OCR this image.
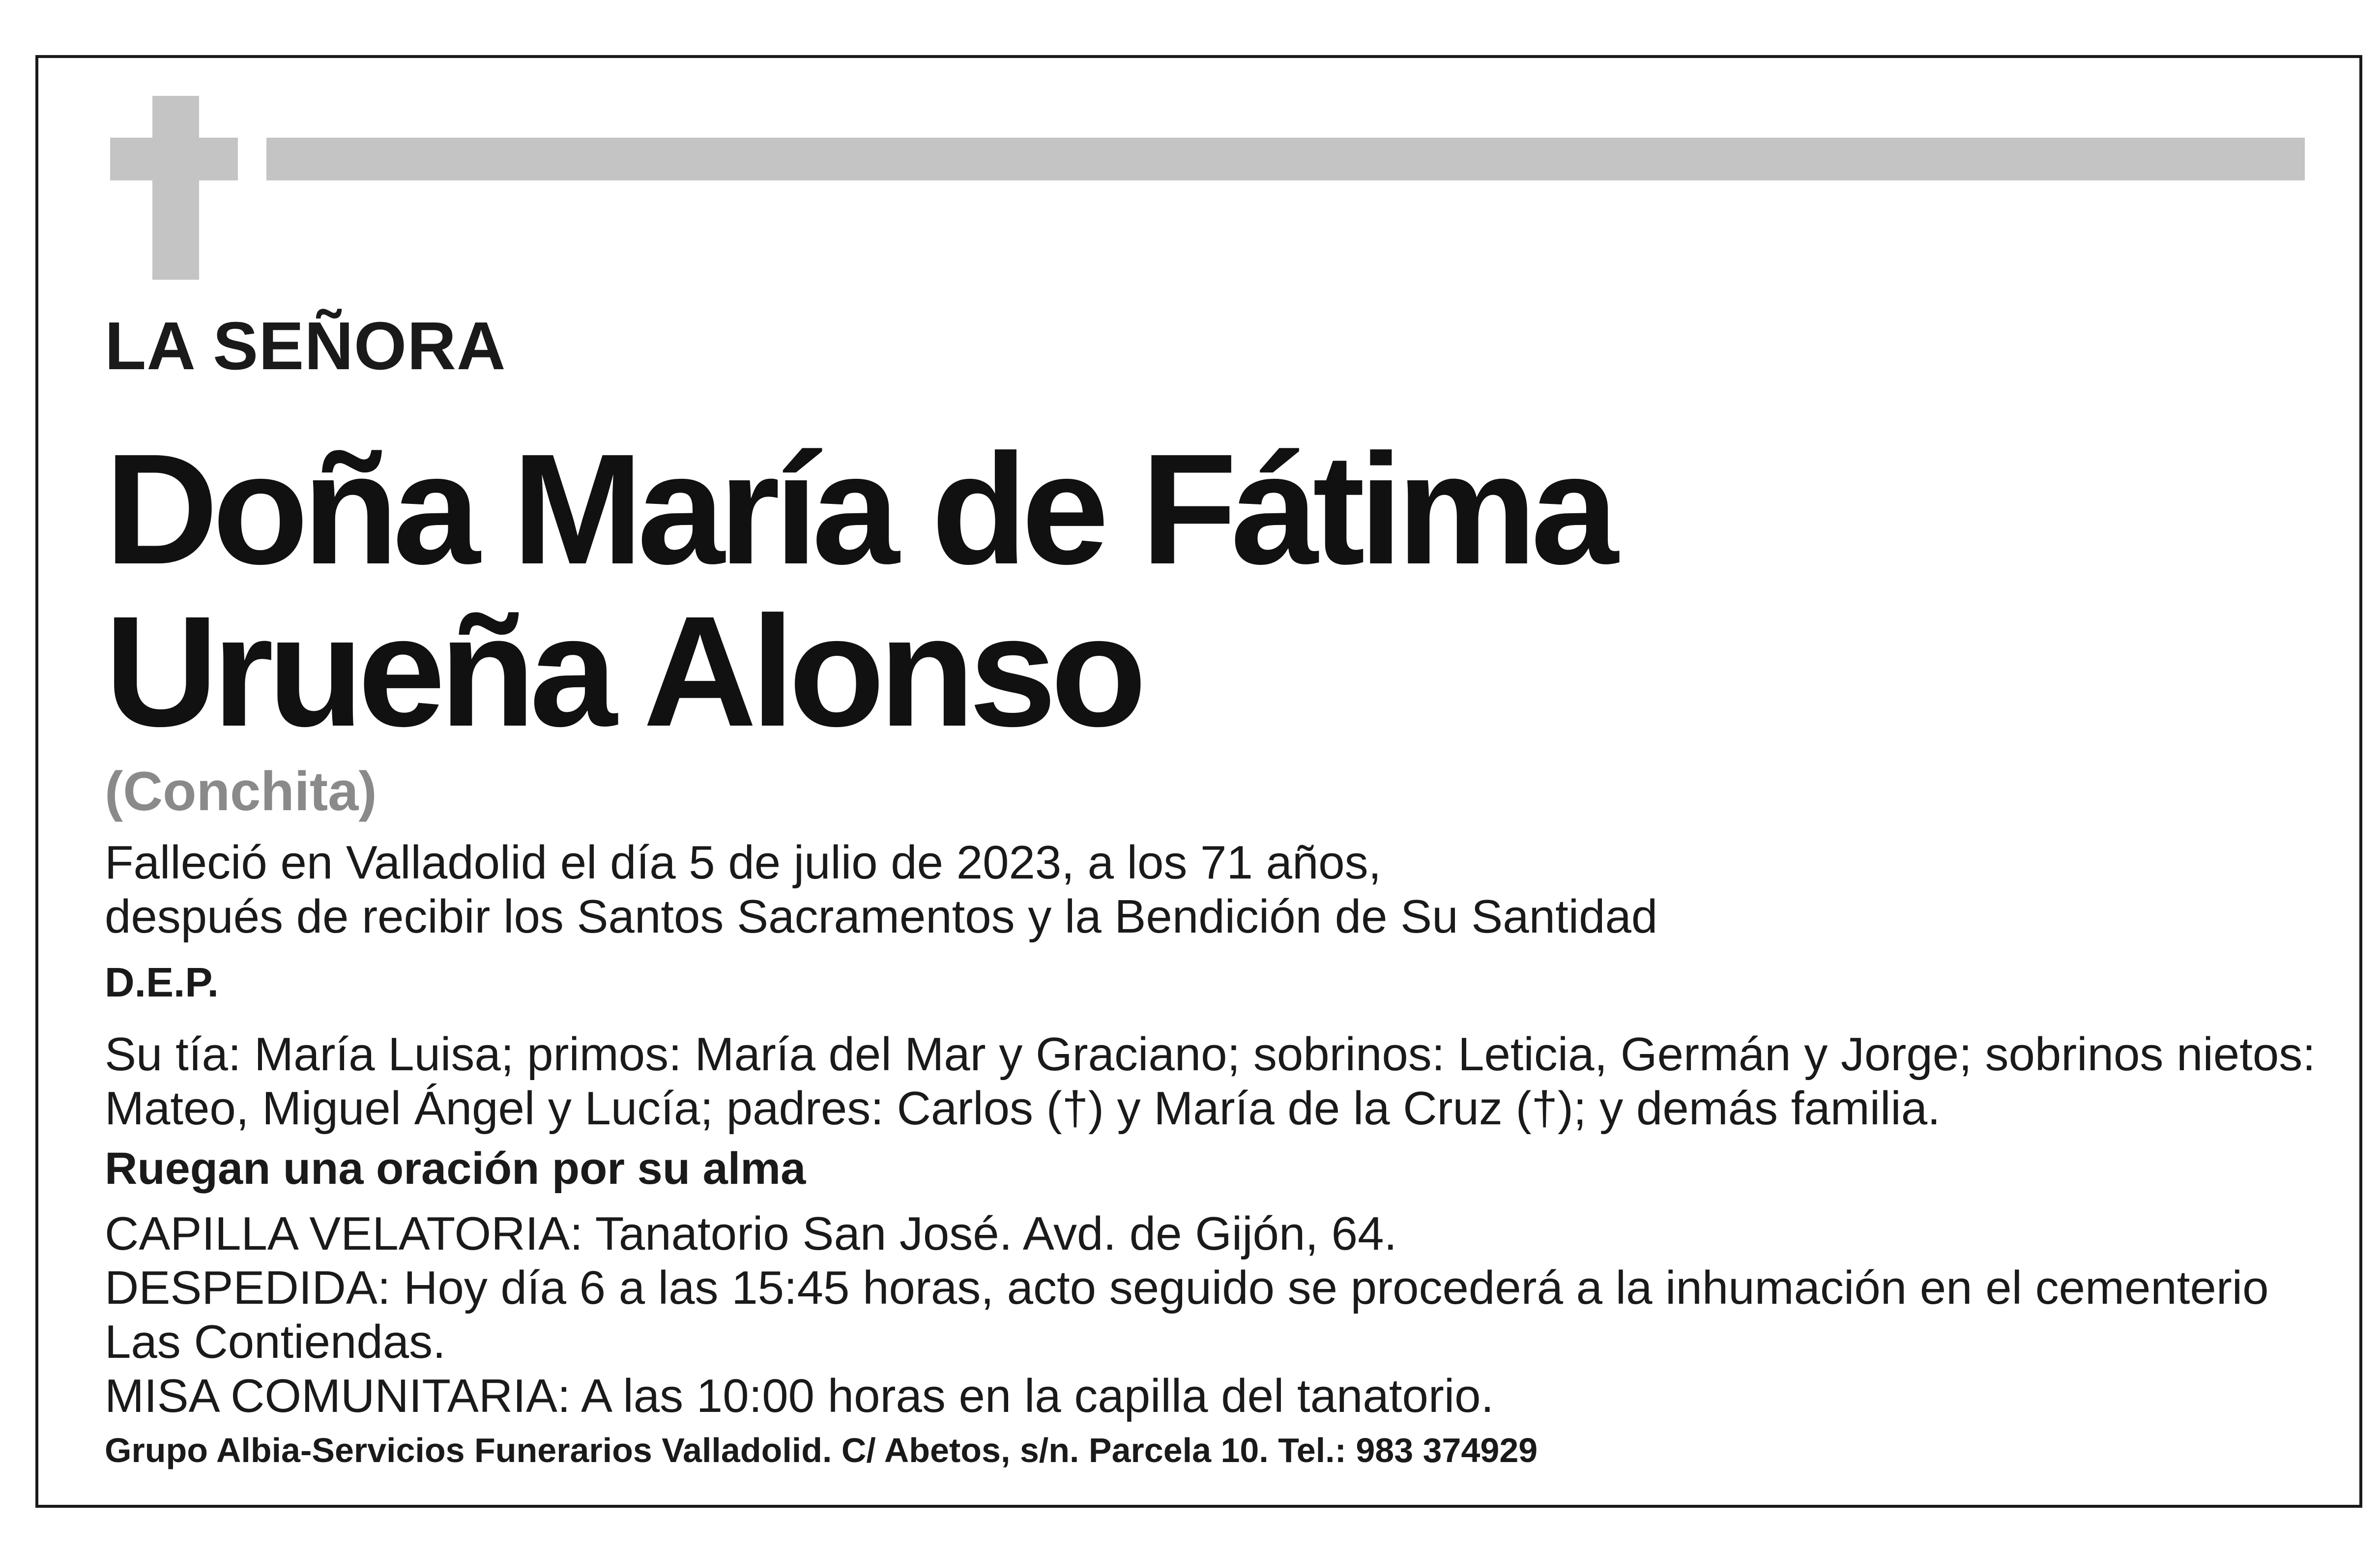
LA SEÑORA
Doña María de Fátima
Urueña Alonso
(Conchita)
Falleció en Valladolid el día 5 de julio de 2023, a los 71 años,
después de recibir los Santos Sacramentos y la Bendición de Su Santidad
D.E.P.
Su tía: María Luisa; primos: María del Mar y Graciano; sobrinos: Leticia, Germán y Jorge; sobrinos nietos:
Mateo, Miguel Ángel y Lucía; padres: Carlos (†) y María de la Cruz (†); y demás familia.
Ruegan una oración por su alma
CAPILLA VELATORIA: Tanatorio San José. Avd. de Gijón, 64.
DESPEDIDA: Hoy día 6 a las 15:45 horas, acto seguido se procederá a la inhumación en el cementerio
Las Contiendas.
MISA COMUNITARIA: A las 10:00 horas en la capilla del tanatorio.
Grupo Albia-Servicios Funerarios Valladolid. C/ Abetos, s/n. Parcela 10. Tel.: 983 374929
